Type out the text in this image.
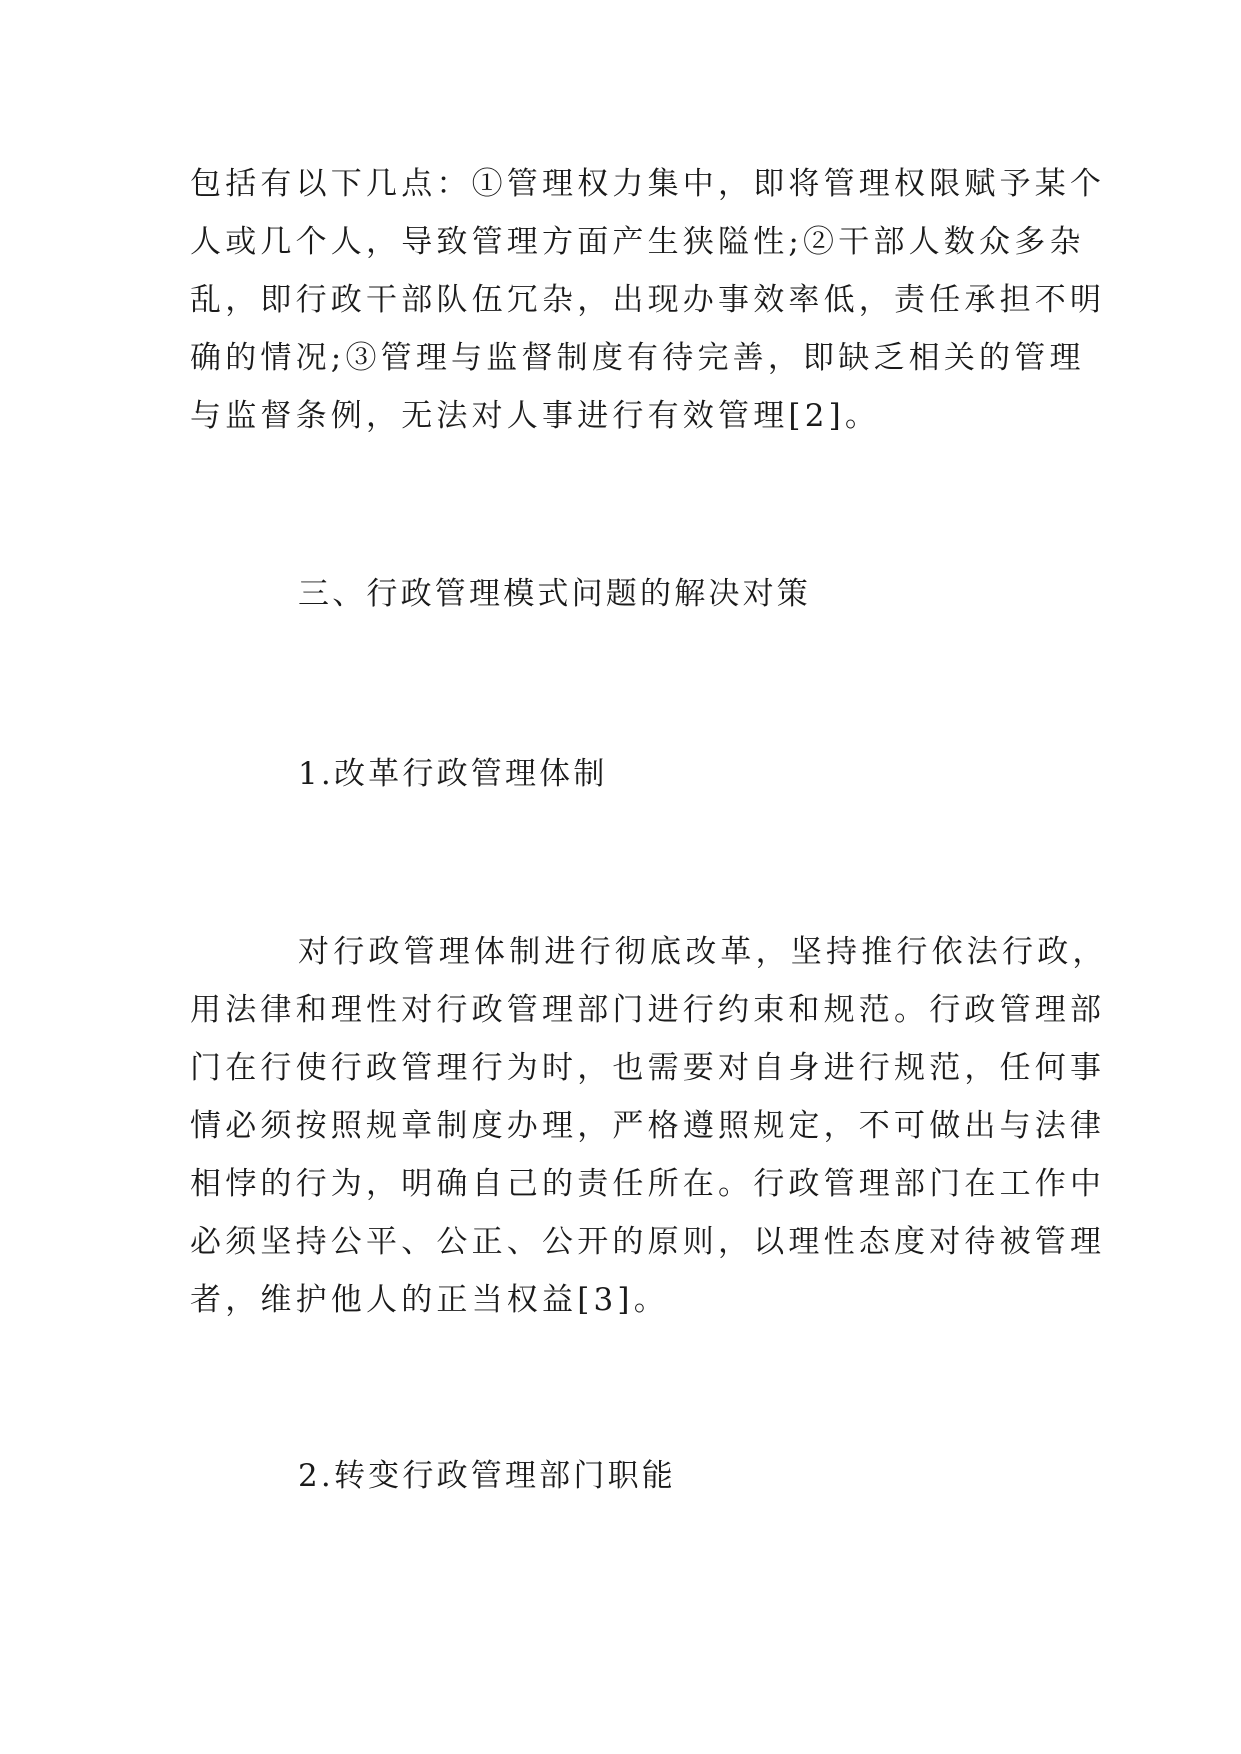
包括有以下几点：①管理权力集中，即将管理权限赋予某个
人或几个人，导致管理方面产生狭隘性;②干部人数众多杂
乱，即行政干部队伍冗杂，出现办事效率低，责任承担不明
确的情况;③管理与监督制度有待完善，即缺乏相关的管理
与监督条例，无法对人事进行有效管理[2]。
三、行政管理模式问题的解决对策
1.改革行政管理体制
对行政管理体制进行彻底改革，坚持推行依法行政，
用法律和理性对行政管理部门进行约束和规范。行政管理部
门在行使行政管理行为时，也需要对自身进行规范，任何事
情必须按照规章制度办理，严格遵照规定，不可做出与法律
相悖的行为，明确自己的责任所在。行政管理部门在工作中
必须坚持公平、公正、公开的原则，以理性态度对待被管理
者，维护他人的正当权益[3]。
2.转变行政管理部门职能
